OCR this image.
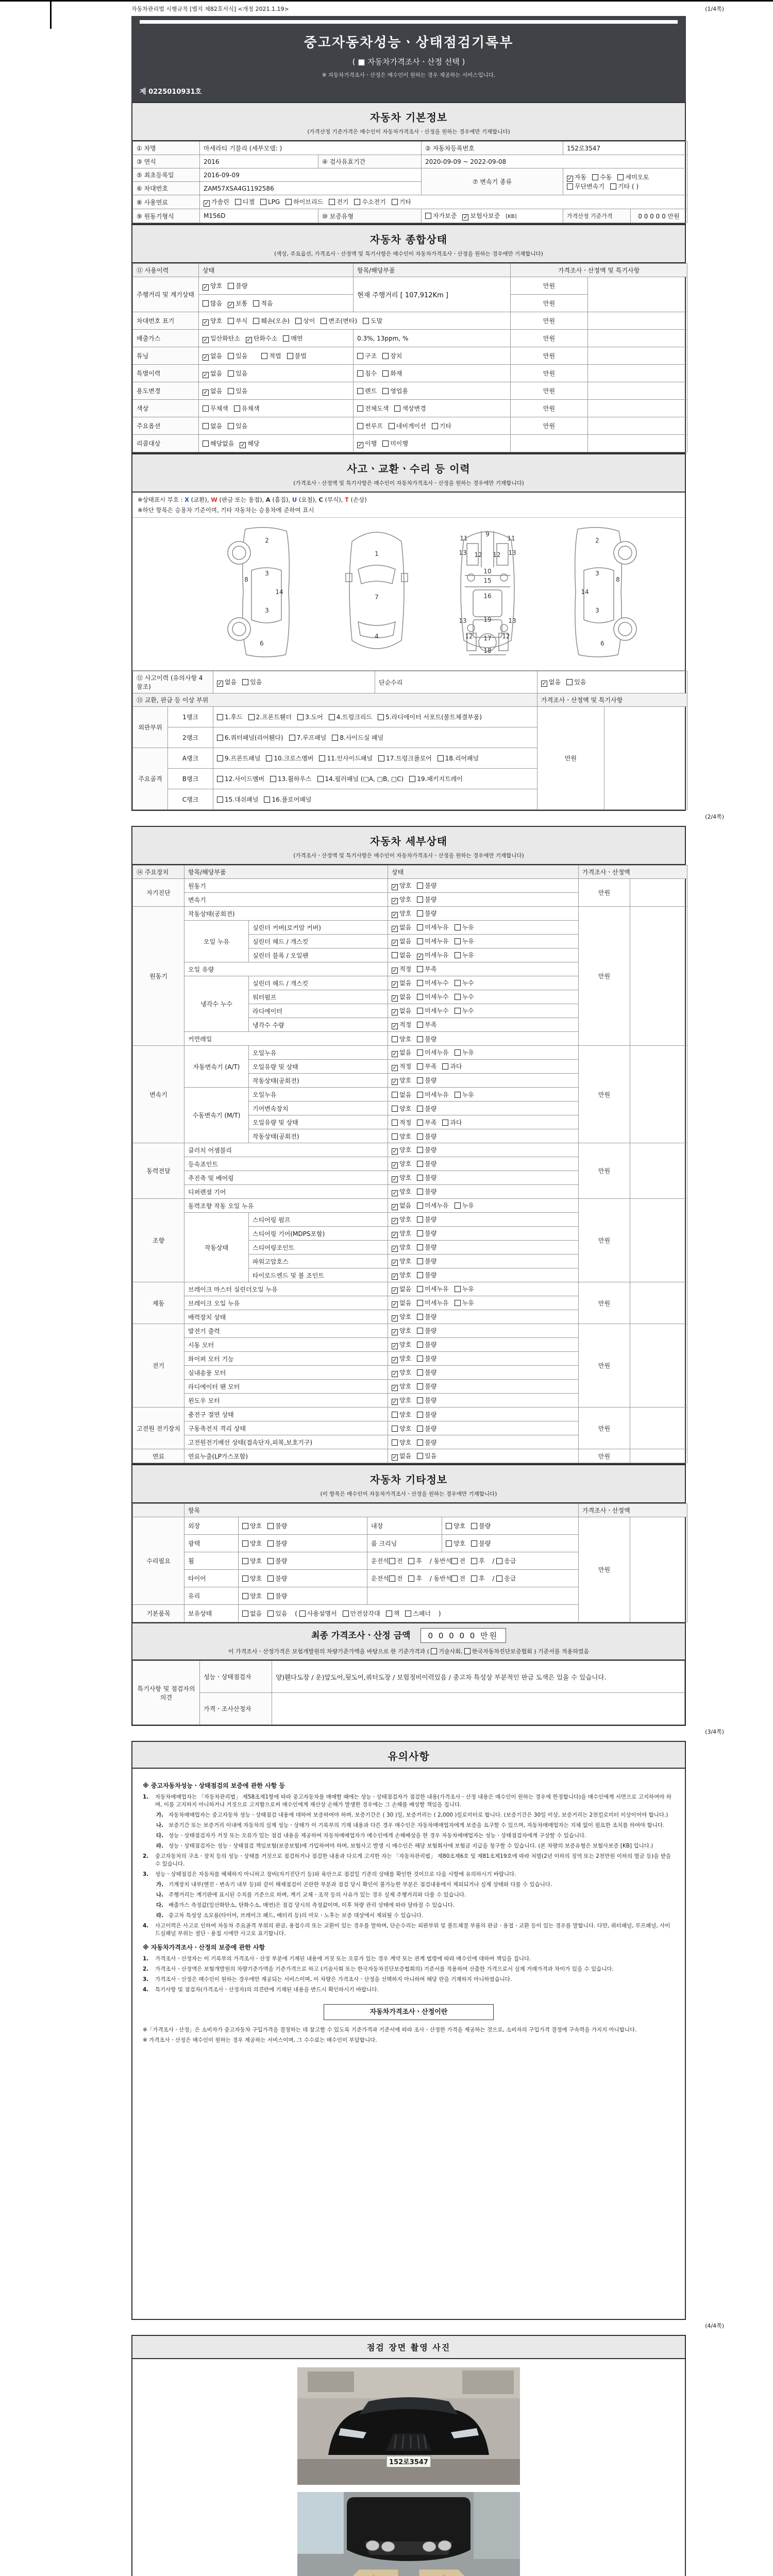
자동차관리법 시행규칙 [별지 제82호서식] <개정 2021.1.19>	(1/4쪽)
중고자동차성능ㆍ상태점검기록부
( ■ 자동차가격조사ㆍ산정 선택 )
※ 자동차가격조사ㆍ산정은 매수인이 원하는 경우 제공하는 서비스입니다.
제 0225010931호
자동차 기본정보
(가격산정 기준가격은 매수인이 자동차가격조사ㆍ산정을 원하는 경우에만 기재합니다)
① 차명	마세라티 기블리 (세부모델: )		② 자동차등록번호	152로3547	
③ 연식	2016	④ 검사유효기간	2020-09-09 ~ 2022-09-08		
⑤ 최초등록일	2016-09-09		⑦ 변속기 종류	✓ 자동 수동 세미오토
무단변속기 기타 ( )	
⑥ 차대번호	ZAM57XSA4G1192586				
⑧ 사용연료	✓ 가솔린 디젤 LPG 하이브리드 전기 수소전기 기타				
⑨ 원동기형식	M156D	⑩ 보증유형	자가보증 ✓ 보험사보증 [KB]	가격산정 기준가격	0 0 0 0 0 만원
자동차 종합상태
(색상, 주요옵션, 가격조사ㆍ산정액 및 특기사항은 매수인이 자동차가격조사ㆍ산정을 원하는 경우에만 기재합니다)
⑪ 사용이력	상태	항목/해당부품	가격조사ㆍ산정액 및 특기사항	
주행거리 및 계기상태	✓ 양호 불량	현재 주행거리 [ 107,912Km ]	만원	
	많음 ✓ 보통 적음		만원	
차대번호 표기	✓ 양호 부식 훼손(오손) 상이 변조(변타) 도말		만원	
배출가스	✓ 일산화탄소 ✓ 탄화수소 매연	0.3%, 13ppm, %	만원	
튜닝	✓ 없음 있음 적법 불법	구조 장치	만원	
특별이력	✓ 없음 있음	침수 화재	만원	
용도변경	✓ 없음 있음	렌트 영업용	만원	
색상	무채색 유채색	전체도색 색상변경	만원	
주요옵션	없음 있음	썬루프 네비게이션 기타	만원	
리콜대상	해당없음 ✓ 해당	✓ 이행 미이행		
사고ㆍ교환ㆍ수리 등 이력
(가격조사ㆍ산정액 및 특기사항은 매수인이 자동차가격조사ㆍ산정을 원하는 경우에만 기재합니다)
※상태표시 부호 : X (교환), W (판금 또는 용접), A (흠집), U (요철), C (부식), T (손상)
※하단 항목은 승용차 기준이며, 기타 자동차는 승용차에 준하여 표시
2
8
3
14
3
6
1
7
4
11
9
11
13 12 12 13
10
15
16
19
13	13
12 17 12
18
2
3
8
14
3
6
⑫ 사고이력 (유의사항 4 참조)		✓ 없음 있음	단순수리	✓ 없음 있음	
⑬ 교환, 판금 등 이상 부위				가격조사ㆍ산정액 및 특기사항	
외판부위	1랭크	1.후드 2.프론트휀더 3.도어 4.트렁크리드 5.라디에이터 서포트(볼트체결부품)		만원	
	2랭크	6.쿼터패널(리어휀다) 7.루프패널 8.사이드실 패널			
주요골격	A랭크	9.프론트패널 10.크로스멤버 11.인사이드패널 17.트렁크플로어 18.리어패널			
	B랭크	12.사이드멤버 13.휠하우스 14.필러패널 (□A, □B, □C) 19.패키지트레이			
	C랭크	15.대쉬패널 16.플로어패널			
(2/4쪽)
자동차 세부상태
(가격조사ㆍ산정액 및 특기사항은 매수인이 자동차가격조사ㆍ산정을 원하는 경우에만 기재합니다)
⑭ 주요장치	항목/해당부품		상태	가격조사ㆍ산정액	
자기진단	원동기		✓ 양호 불량	만원	
	변속기		✓ 양호 불량		
원동기	작동상태(공회전)		✓ 양호 불량	만원	
	오일 누유	실린더 커버(로커암 커버)	✓ 없음 미세누유 누유		
		실린더 헤드 / 개스킷	✓ 없음 미세누유 누유		
		실린더 블록 / 오일팬	없음 ✓ 미세누유 누유		
	오일 유량		✓ 적정 부족		
	냉각수 누수	실린더 헤드 / 개스킷	✓ 없음 미세누수 누수		
		워터펌프	✓ 없음 미세누수 누수		
		라디에이터	✓ 없음 미세누수 누수		
		냉각수 수량	✓ 적정 부족		
	커먼레일		양호 불량		
변속기	자동변속기 (A/T)	오일누유	✓ 없음 미세누유 누유	만원	
		오일유량 및 상태	✓ 적정 부족 과다		
		작동상태(공회전)	✓ 양호 불량		
	수동변속기 (M/T)	오일누유	없음 미세누유 누유		
		기어변속장치	양호 불량		
		오일유량 및 상태	적정 부족 과다		
		작동상태(공회전)	양호 불량		
동력전달	클러치 어셈블리		✓ 양호 불량	만원	
	등속죠인트		✓ 양호 불량		
	추진축 및 베어링		✓ 양호 불량		
	디퍼렌셜 기어		✓ 양호 불량		
조향	동력조향 작동 오일 누유		✓ 없음 미세누유 누유	만원	
	작동상태	스티어링 펌프	✓ 양호 불량		
		스티어링 기어(MDPS포함)	✓ 양호 불량		
		스티어링조인트	✓ 양호 불량		
		파워고압호스	✓ 양호 불량		
		타이로드엔드 및 볼 조인트	✓ 양호 불량		
제동	브레이크 마스터 실린더오일 누유		✓ 없음 미세누유 누유	만원	
	브레이크 오일 누유		✓ 없음 미세누유 누유		
	배력장치 상태		✓ 양호 불량		
전기	발전기 출력		✓ 양호 불량	만원	
	시동 모터		✓ 양호 불량		
	와이퍼 모터 기능		✓ 양호 불량		
	실내송풍 모터		✓ 양호 불량		
	라디에이터 팬 모터		✓ 양호 불량		
	윈도우 모터		✓ 양호 불량		
고전원 전기장치	충전구 절연 상태		양호 불량	만원	
	구동축전지 격리 상태		양호 불량		
	고전원전기배선 상태(접속단자,피복,보호기구)		양호 불량		
연료	연료누출(LP가스포함)		✓ 없음 있음	만원	
자동차 기타정보
(이 항목은 매수인이 자동차가격조사ㆍ산정을 원하는 경우에만 기재합니다)
	항목				가격조사ㆍ산정액	
수리필요	외장	양호 불량	내장	양호 불량	만원	
	광택	양호 불량	룸 크리닝	양호 불량		
	휠	양호 불량	운전석 전 후 / 동반석 전 후 / 응급			
	타이어	양호 불량	운전석 전 후 / 동반석 전 후 / 응급			
	유리	양호 불량				
기본품목	보유상태	없음 있음 ( 사용설명서 안전삼각대 잭 스패너 )				
최종 가격조사ㆍ산정 금액 0 0 0 0 0 만원
이 가격조사ㆍ산정가격은 보험개발원의 차량기준가액을 바탕으로 한 기준가격과 ( 기술사회, 한국자동차진단보증협회 ) 기준서를 적용하였음
특기사항 및 점검자의 의견	성능ㆍ상태점검자	양)휀다도장 / 운)앞도어,뒷도어,쿼터도장 / 보험정비이력있음 / 중고차 특성상 부분적인 판금 도색은 있을 수 있습니다.
	가격ㆍ조사산정자	
(3/4쪽)
유의사항
※ 중고자동차성능ㆍ상태점검의 보증에 관한 사항 등
1.	자동차매매업자는 「자동차관리법」 제58조제1항에 따라 중고자동차를 매매할 때에는 성능ㆍ상태점검자가 점검한 내용(가격조사ㆍ산정 내용은 매수인이 원하는 경우에 한정합니다)을 매수인에게 서면으로 고지하여야 하며, 이를 고지하지 아니하거나 거짓으로 고지함으로써 매수인에게 재산상 손해가 발생한 경우에는 그 손해를 배상할 책임을 집니다.
가. 자동차매매업자는 중고자동차 성능ㆍ상태점검 내용에 대하여 보증하여야 하며, 보증기간은 ( 30 )일, 보증거리는 ( 2,000 )킬로미터로 합니다. (보증기간은 30일 이상, 보증거리는 2천킬로미터 이상이어야 합니다.)
나. 보증기간 또는 보증거리 이내에 자동차의 실제 성능ㆍ상태가 이 기록부의 기재 내용과 다른 경우 매수인은 자동차매매업자에게 보증을 요구할 수 있으며, 자동차매매업자는 지체 없이 필요한 조치를 하여야 합니다.
다. 성능ㆍ상태점검자가 거짓 또는 오류가 있는 점검 내용을 제공하여 자동차매매업자가 매수인에게 손해배상을 한 경우 자동차매매업자는 성능ㆍ상태점검자에게 구상할 수 있습니다.
라. 성능ㆍ상태점검자는 성능ㆍ상태점검 책임보험(보증보험)에 가입하여야 하며, 보험사고 발생 시 매수인은 해당 보험회사에 보험금 지급을 청구할 수 있습니다. (본 차량의 보증유형은 보험사보증 [KB] 입니다.)
2.	중고자동차의 구조ㆍ장치 등의 성능ㆍ상태를 거짓으로 점검하거나 점검한 내용과 다르게 고지한 자는 「자동차관리법」 제80조제6호 및 제81조제19호에 따라 처벌(2년 이하의 징역 또는 2천만원 이하의 벌금 등)을 받을 수 있습니다.
3.	성능ㆍ상태점검은 자동차를 해체하지 아니하고 장비(자기진단기 등)와 육안으로 점검일 기준의 상태를 확인한 것이므로 다음 사항에 유의하시기 바랍니다.
가. 기계장치 내부(엔진ㆍ변속기 내부 등)와 같이 해체점검이 곤란한 부분과 점검 당시 확인이 불가능한 부분은 점검내용에서 제외되거나 실제 상태와 다를 수 있습니다.
나. 주행거리는 계기판에 표시된 수치를 기준으로 하며, 계기 교체ㆍ조작 등의 사유가 있는 경우 실제 주행거리와 다를 수 있습니다.
다. 배출가스 측정값(일산화탄소, 탄화수소, 매연)은 점검 당시의 측정값이며, 이후 차량 관리 상태에 따라 달라질 수 있습니다.
라. 중고차 특성상 소모품(타이어, 브레이크 패드, 배터리 등)의 마모ㆍ노후는 보증 대상에서 제외될 수 있습니다.
4.	사고이력은 사고로 인하여 자동차 주요골격 부위의 판금, 용접수리 또는 교환이 있는 경우를 말하며, 단순수리는 외판부위 및 볼트체결 부품의 판금ㆍ용접ㆍ교환 등이 있는 경우를 말합니다. 다만, 쿼터패널, 루프패널, 사이드실패널 부위는 절단ㆍ용접 시에만 사고로 표기합니다.
※ 자동차가격조사ㆍ산정의 보증에 관한 사항
1.	가격조사ㆍ산정자는 이 기록부의 가격조사ㆍ산정 부분에 기재된 내용에 거짓 또는 오류가 있는 경우 계약 또는 관계 법령에 따라 매수인에 대하여 책임을 집니다.
2.	가격조사ㆍ산정액은 보험개발원의 차량기준가액을 기준가격으로 하고 (기술사회 또는 한국자동차진단보증협회의) 기준서를 적용하여 산출한 가격으로서 실제 거래가격과 차이가 있을 수 있습니다.
3.	가격조사ㆍ산정은 매수인이 원하는 경우에만 제공되는 서비스이며, 이 차량은 가격조사ㆍ산정을 선택하지 아니하여 해당 란을 기재하지 아니하였습니다.
4.	특기사항 및 점검자(가격조사ㆍ산정자)의 의견란에 기재된 내용을 반드시 확인하시기 바랍니다.
자동차가격조사ㆍ산정이란
※「가격조사ㆍ산정」은 소비자가 중고자동차 구입가격을 결정하는 데 참고할 수 있도록 기준가격과 기준서에 따라 조사ㆍ산정한 가격을 제공하는 것으로, 소비자의 구입가격 결정에 구속력을 가지지 아니합니다.
※ 가격조사ㆍ산정은 매수인이 원하는 경우 제공하는 서비스이며, 그 수수료는 매수인이 부담합니다.
(4/4쪽)
점검 장면 촬영 사진
152로3547
